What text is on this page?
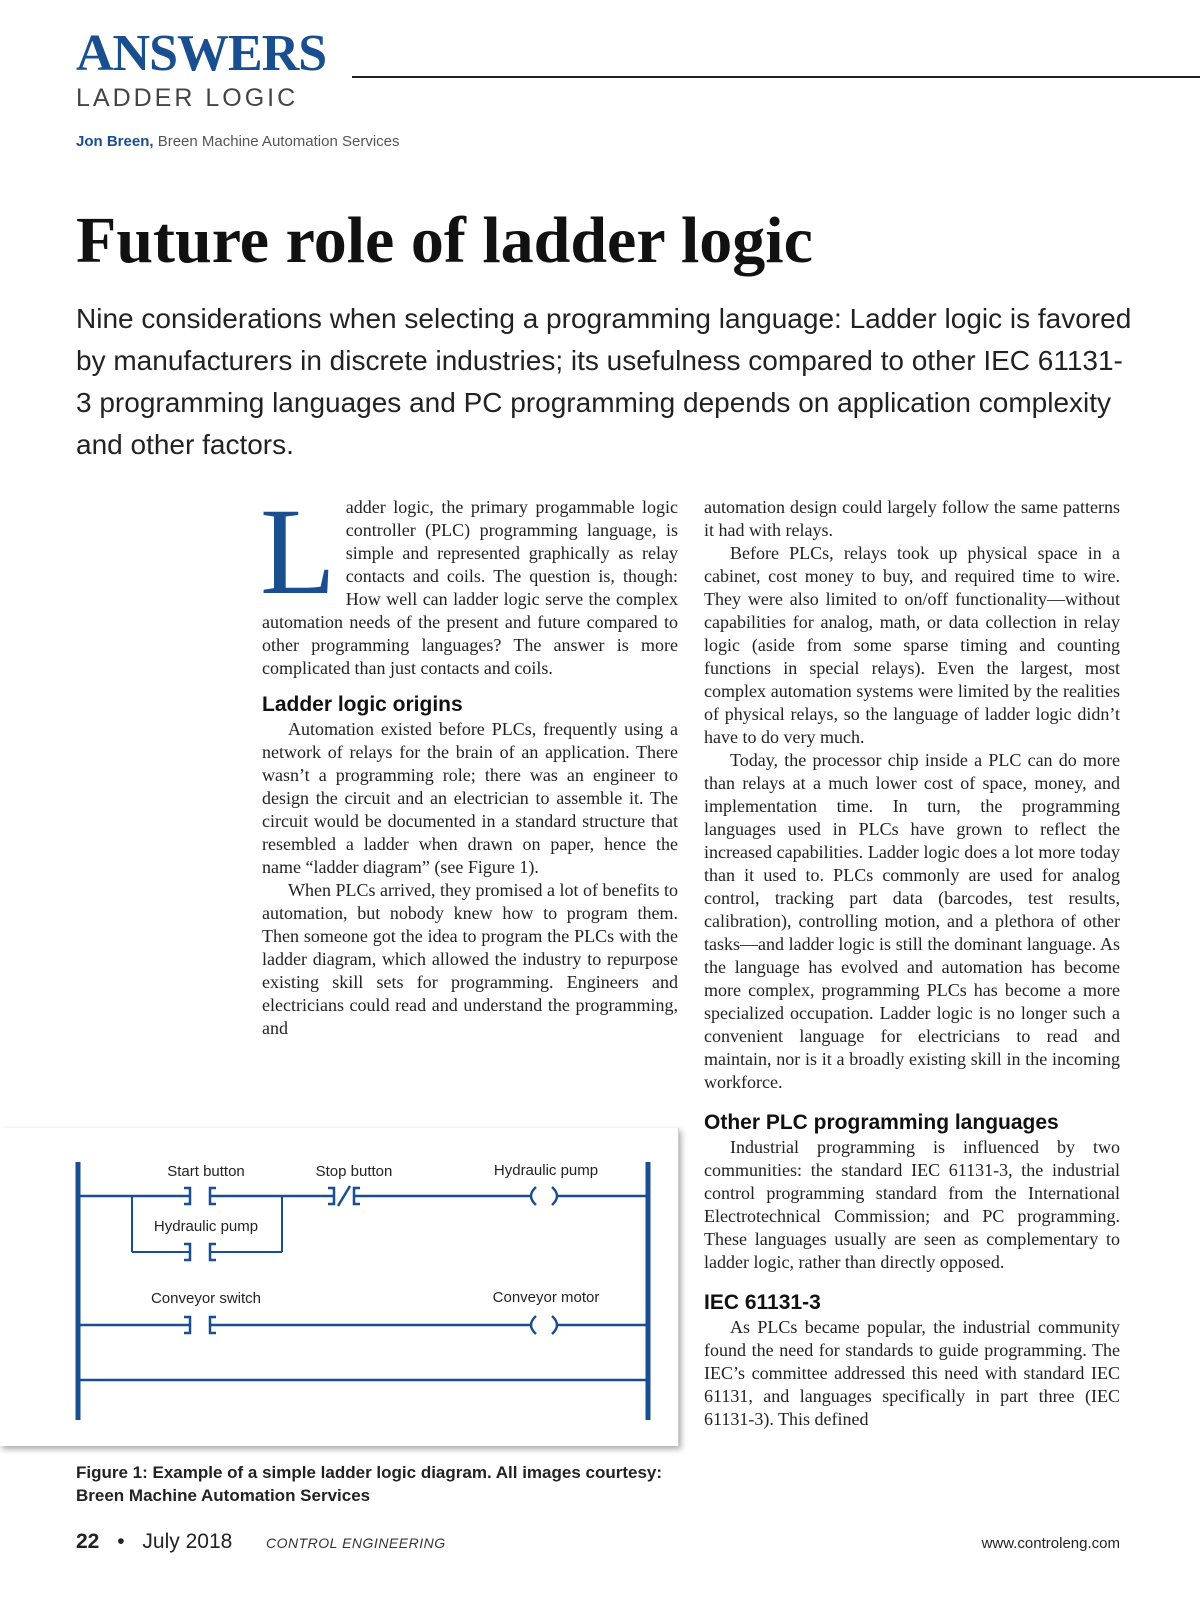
ANSWERS
LADDER LOGIC
Jon Breen, Breen Machine Automation Services
Future role of ladder logic
Nine considerations when selecting a programming language: Ladder logic is favored by manufacturers in discrete industries; its usefulness compared to other IEC 61131-3 programming languages and PC programming depends on application complexity and other factors.

Ladder logic, the primary progammable logic controller (PLC) programming language, is simple and represented graphically as relay contacts and coils. The question is, though: How well can ladder logic serve the complex automation needs of the present and future compared to other programming languages? The answer is more complicated than just contacts and coils.

Ladder logic origins

Automation existed before PLCs, frequently using a network of relays for the brain of an application. There wasn’t a programming role; there was an engineer to design the circuit and an electrician to assemble it. The circuit would be documented in a standard structure that resembled a ladder when drawn on paper, hence the name “ladder diagram” (see Figure 1).

When PLCs arrived, they promised a lot of benefits to automation, but nobody knew how to program them. Then someone got the idea to program the PLCs with the ladder diagram, which allowed the industry to repurpose existing skill sets for programming. Engineers and electricians could read and understand the programming, and

automation design could largely follow the same patterns it had with relays.

Before PLCs, relays took up physical space in a cabinet, cost money to buy, and required time to wire. They were also limited to on/off functionality—without capabilities for analog, math, or data collection in relay logic (aside from some sparse timing and counting functions in special relays). Even the largest, most complex automation systems were limited by the realities of physical relays, so the language of ladder logic didn’t have to do very much.

Today, the processor chip inside a PLC can do more than relays at a much lower cost of space, money, and implementation time. In turn, the programming languages used in PLCs have grown to reflect the increased capabilities. Ladder logic does a lot more today than it used to. PLCs commonly are used for analog control, tracking part data (barcodes, test results, calibration), controlling motion, and a plethora of other tasks—and ladder logic is still the dominant language. As the language has evolved and automation has become more complex, programming PLCs has become a more specialized occupation. Ladder logic is no longer such a convenient language for electricians to read and maintain, nor is it a broadly existing skill in the incoming workforce.

Other PLC programming languages

Industrial programming is influenced by two communities: the standard IEC 61131-3, the industrial control programming standard from the International Electrotechnical Commission; and PC programming. These languages usually are seen as complementary to ladder logic, rather than directly opposed.

IEC 61131-3

As PLCs became popular, the industrial community found the need for standards to guide programming. The IEC’s committee addressed this need with standard IEC 61131, and languages specifically in part three (IEC 61131-3). This defined

Start button	Stop button	Hydraulic pump
Hydraulic pump
Conveyor switch	Conveyor motor
Figure 1: Example of a simple ladder logic diagram. All images courtesy: Breen Machine Automation Services
22 • July 2018 CONTROL ENGINEERING	www.controleng.com
